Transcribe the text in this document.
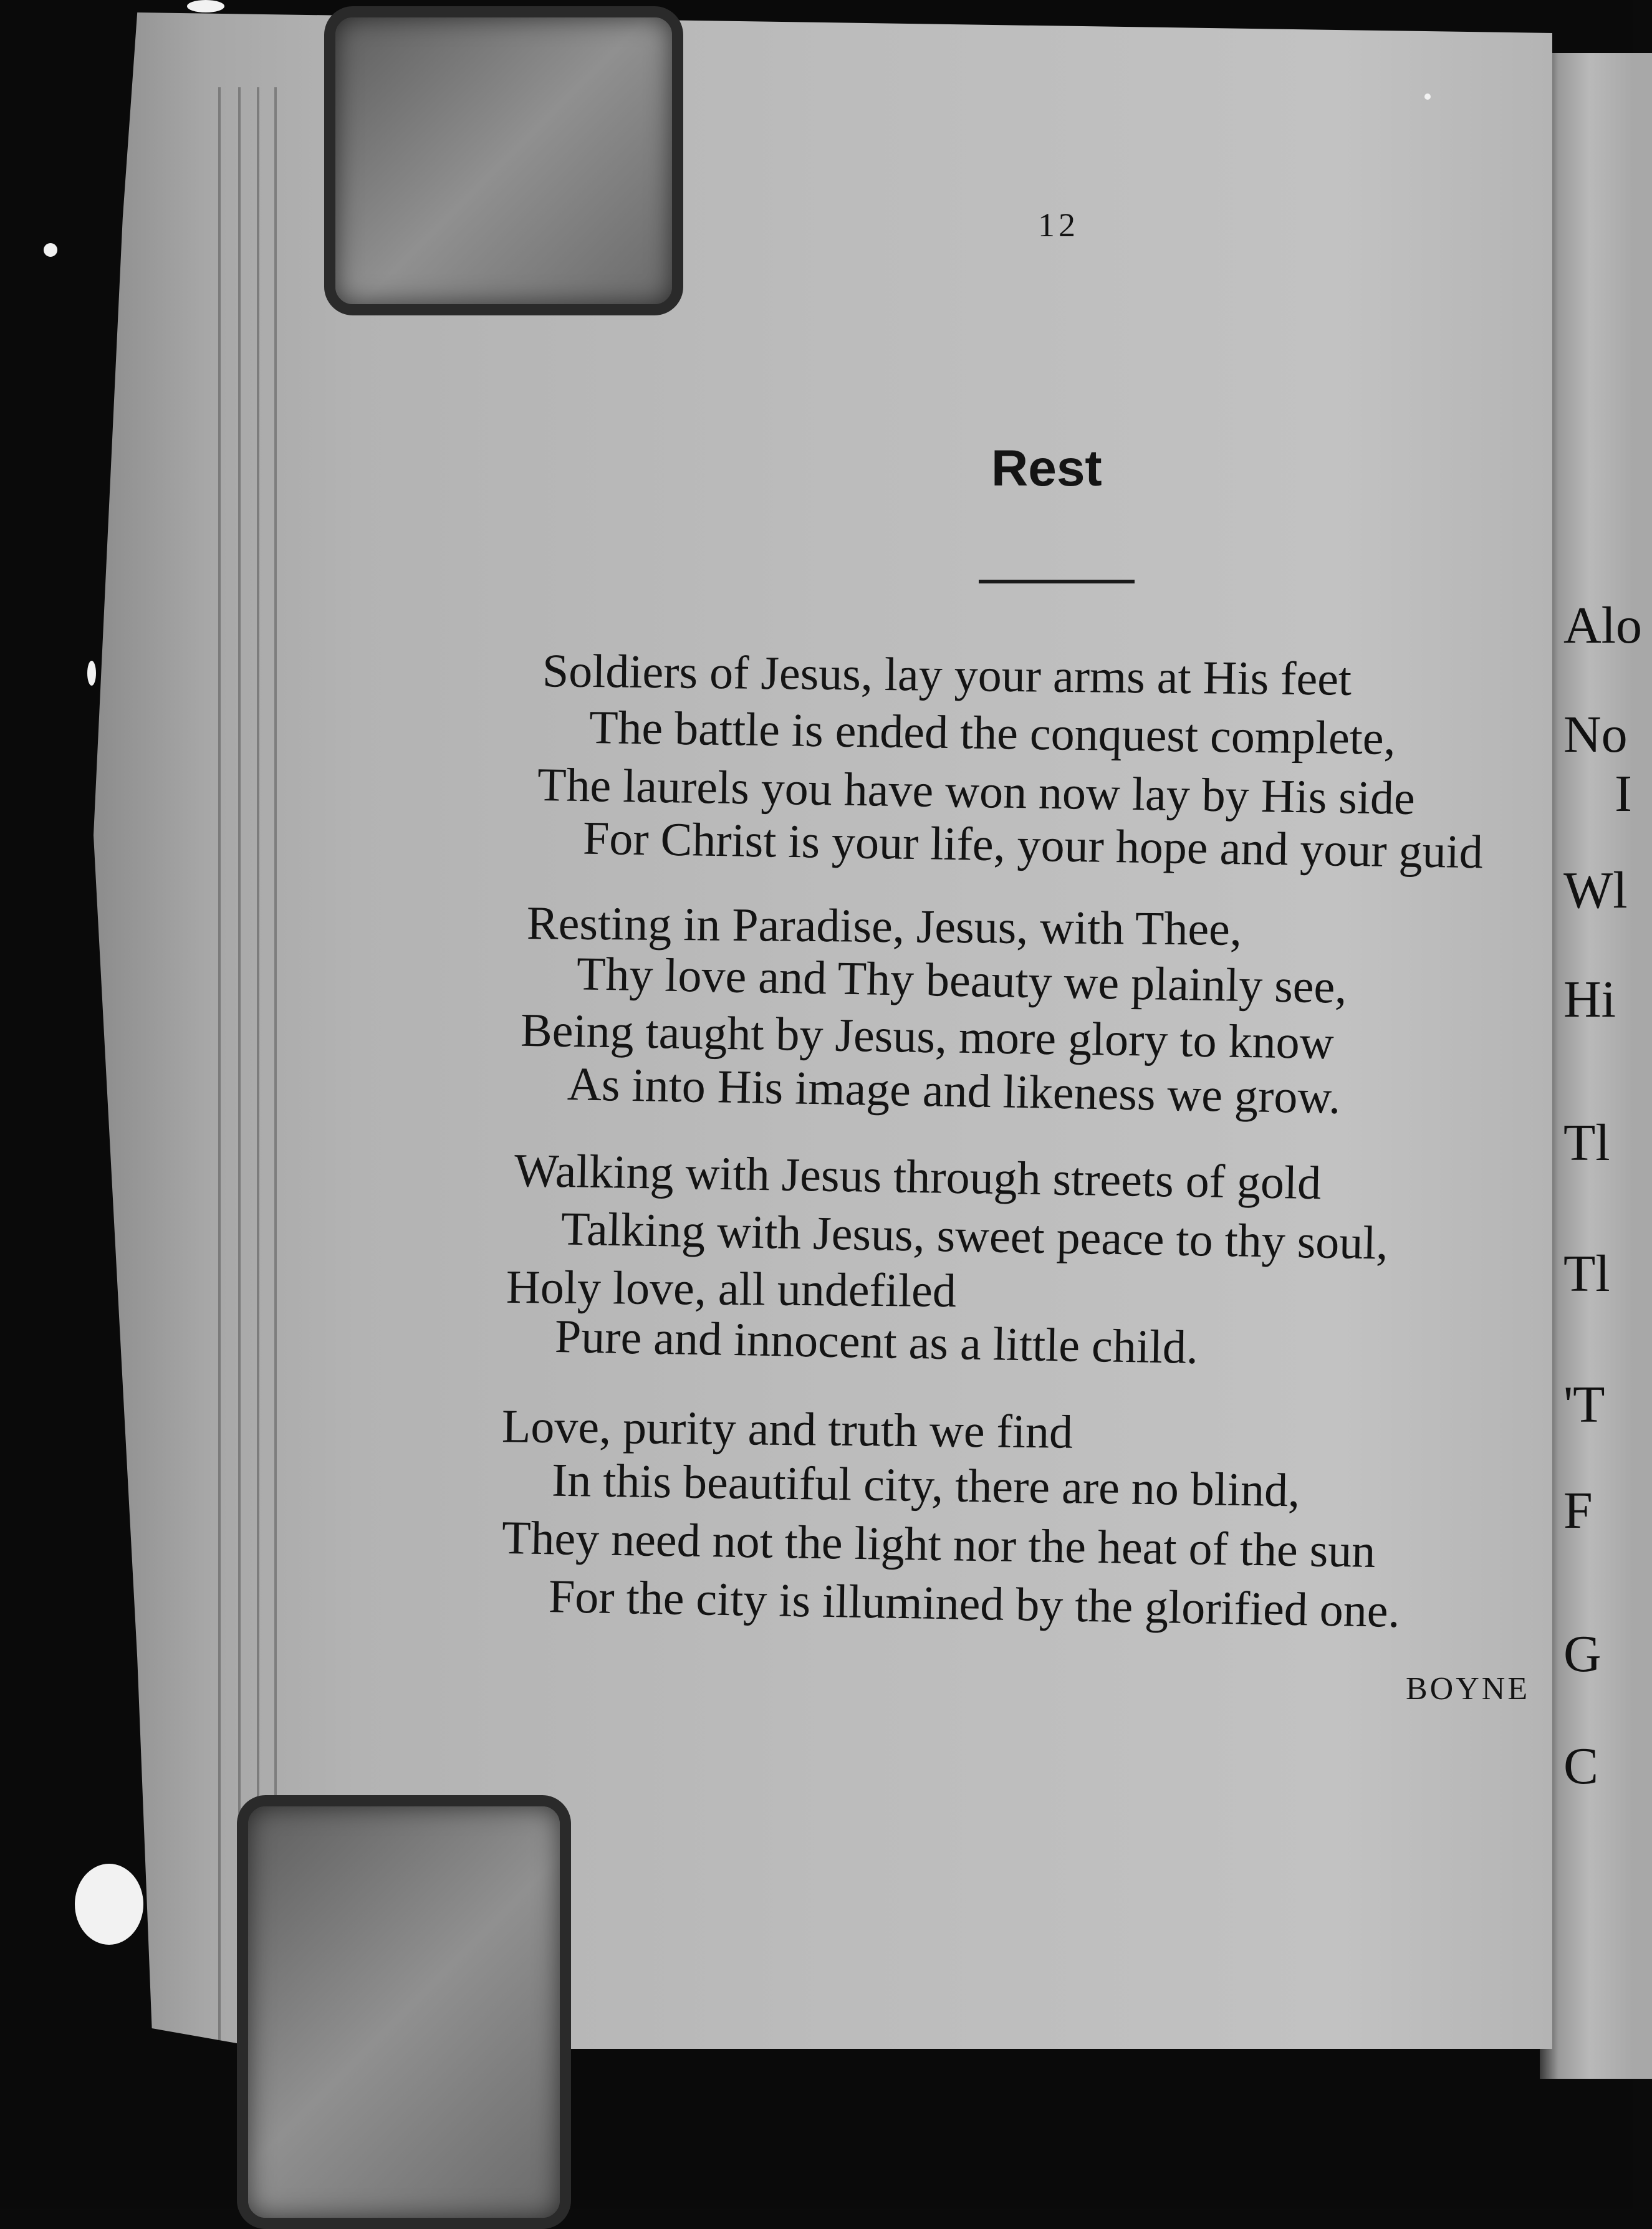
Alo
No
I
Wl
Hi
Tl
Tl
'T
F
G
C
12
Rest
Soldiers of Jesus, lay your arms at His feet
The battle is ended the conquest complete,
The laurels you have won now lay by His side
For Christ is your life, your hope and your guid
Resting in Paradise, Jesus, with Thee,
Thy love and Thy beauty we plainly see,
Being taught by Jesus, more glory to know
As into His image and likeness we grow.
Walking with Jesus through streets of gold
Talking with Jesus, sweet peace to thy soul,
Holy love, all undefiled
Pure and innocent as a little child.
Love, purity and truth we find
In this beautiful city, there are no blind,
They need not the light nor the heat of the sun
For the city is illumined by the glorified one.
BOYNE
